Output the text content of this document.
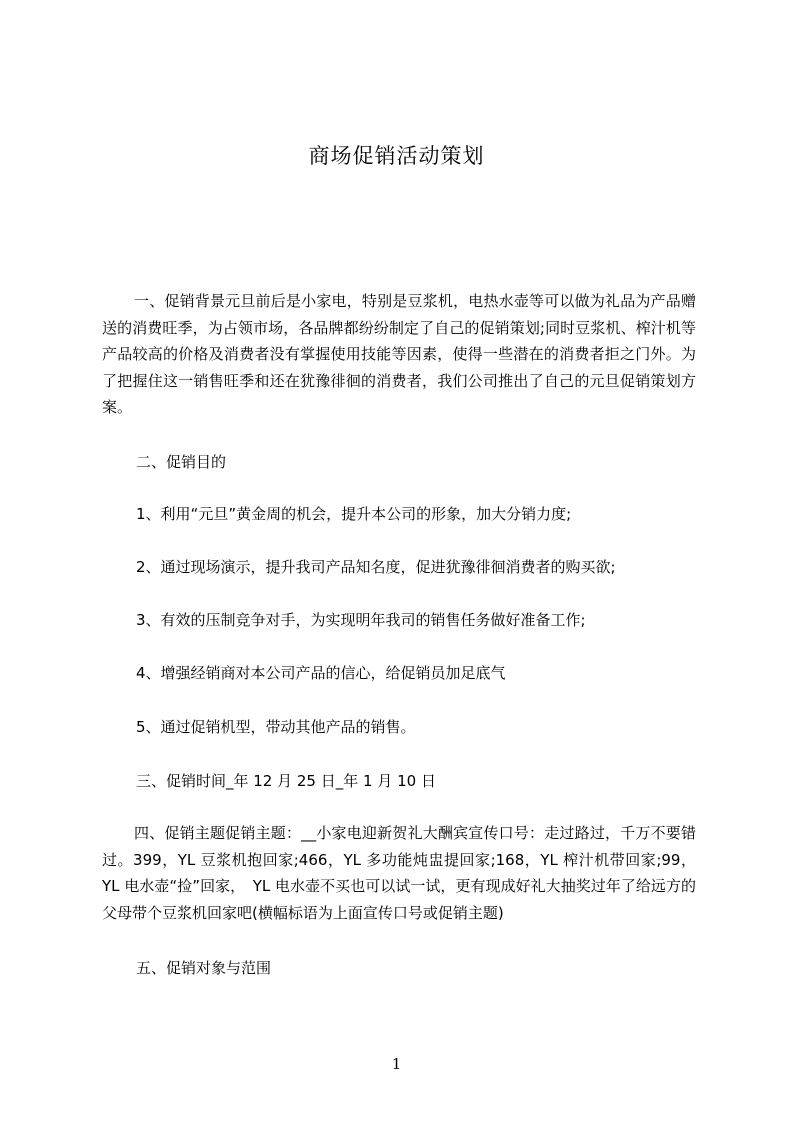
商场促销活动策划
一、促销背景元旦前后是小家电，特别是豆浆机，电热水壶等可以做为礼品为产品赠送的消费旺季，为占领市场，各品牌都纷纷制定了自己的促销策划;同时豆浆机、榨汁机等产品较高的价格及消费者没有掌握使用技能等因素，使得一些潜在的消费者拒之门外。为了把握住这一销售旺季和还在犹豫徘徊的消费者，我们公司推出了自己的元旦促销策划方案。
二、促销目的
1、利用“元旦”黄金周的机会，提升本公司的形象，加大分销力度;
2、通过现场演示，提升我司产品知名度，促进犹豫徘徊消费者的购买欲;
3、有效的压制竞争对手，为实现明年我司的销售任务做好准备工作;
4、增强经销商对本公司产品的信心，给促销员加足底气
5、通过促销机型，带动其他产品的销售。
三、促销时间_年 12 月 25 日_年 1 月 10 日
四、促销主题促销主题：__小家电迎新贺礼大酬宾宣传口号：走过路过，千万不要错过。399，YL 豆浆机抱回家;466，YL 多功能炖盅提回家;168，YL 榨汁机带回家;99，YL 电水壶“捡”回家，　YL 电水壶不买也可以试一试，更有现成好礼大抽奖过年了给远方的父母带个豆浆机回家吧(横幅标语为上面宣传口号或促销主题)
五、促销对象与范围
1
